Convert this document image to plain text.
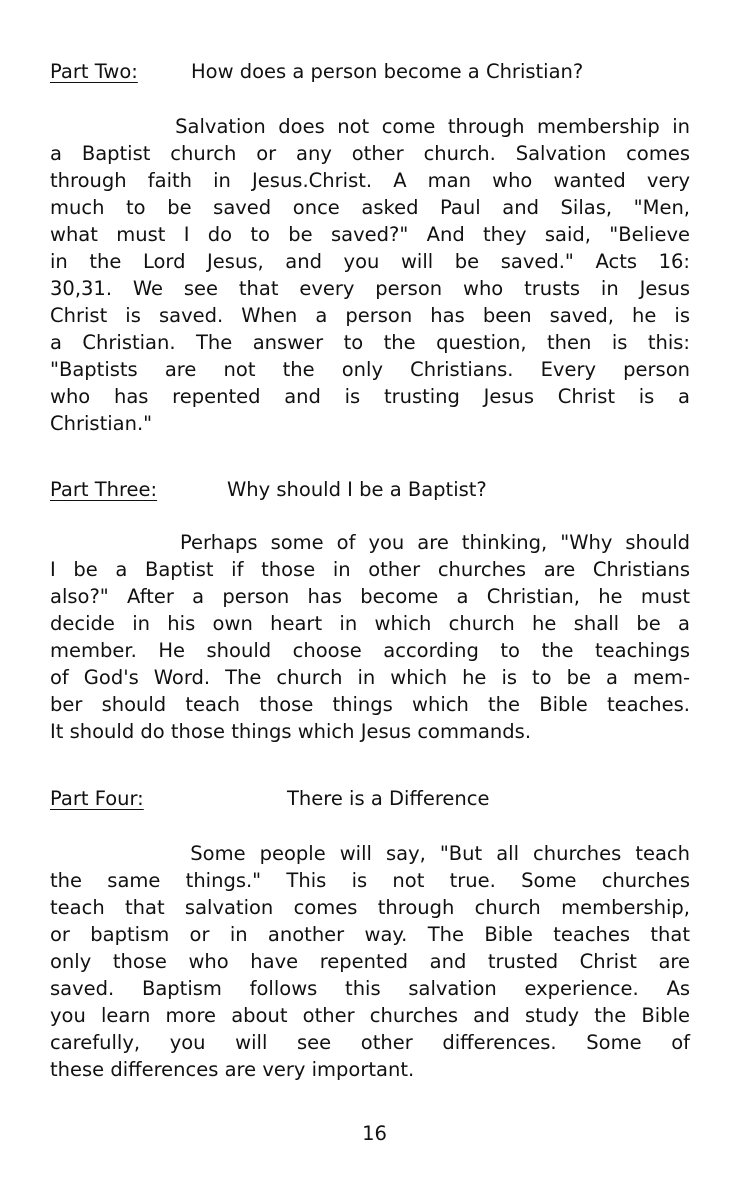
Part Two:	How does a person become a Christian?
Salvation does not come through membership in
a Baptist church or any other church. Salvation comes
through faith in Jesus.Christ. A man who wanted very
much to be saved once asked Paul and Silas, "Men,
what must I do to be saved?" And they said, "Believe
in the Lord Jesus, and you will be saved." Acts 16:
30,31. We see that every person who trusts in Jesus
Christ is saved. When a person has been saved, he is
a Christian. The answer to the question, then is this:
"Baptists are not the only Christians. Every person
who has repented and is trusting Jesus Christ is a
Christian."
Part Three:	Why should I be a Baptist?
Perhaps some of you are thinking, "Why should
I be a Baptist if those in other churches are Christians
also?" After a person has become a Christian, he must
decide in his own heart in which church he shall be a
member. He should choose according to the teachings
of God's Word. The church in which he is to be a mem-
ber should teach those things which the Bible teaches.
It should do those things which Jesus commands.
Part Four:	There is a Difference
Some people will say, "But all churches teach
the same things." This is not true. Some churches
teach that salvation comes through church membership,
or baptism or in another way. The Bible teaches that
only those who have repented and trusted Christ are
saved. Baptism follows this salvation experience. As
you learn more about other churches and study the Bible
carefully, you will see other differences. Some of
these differences are very important.
16
